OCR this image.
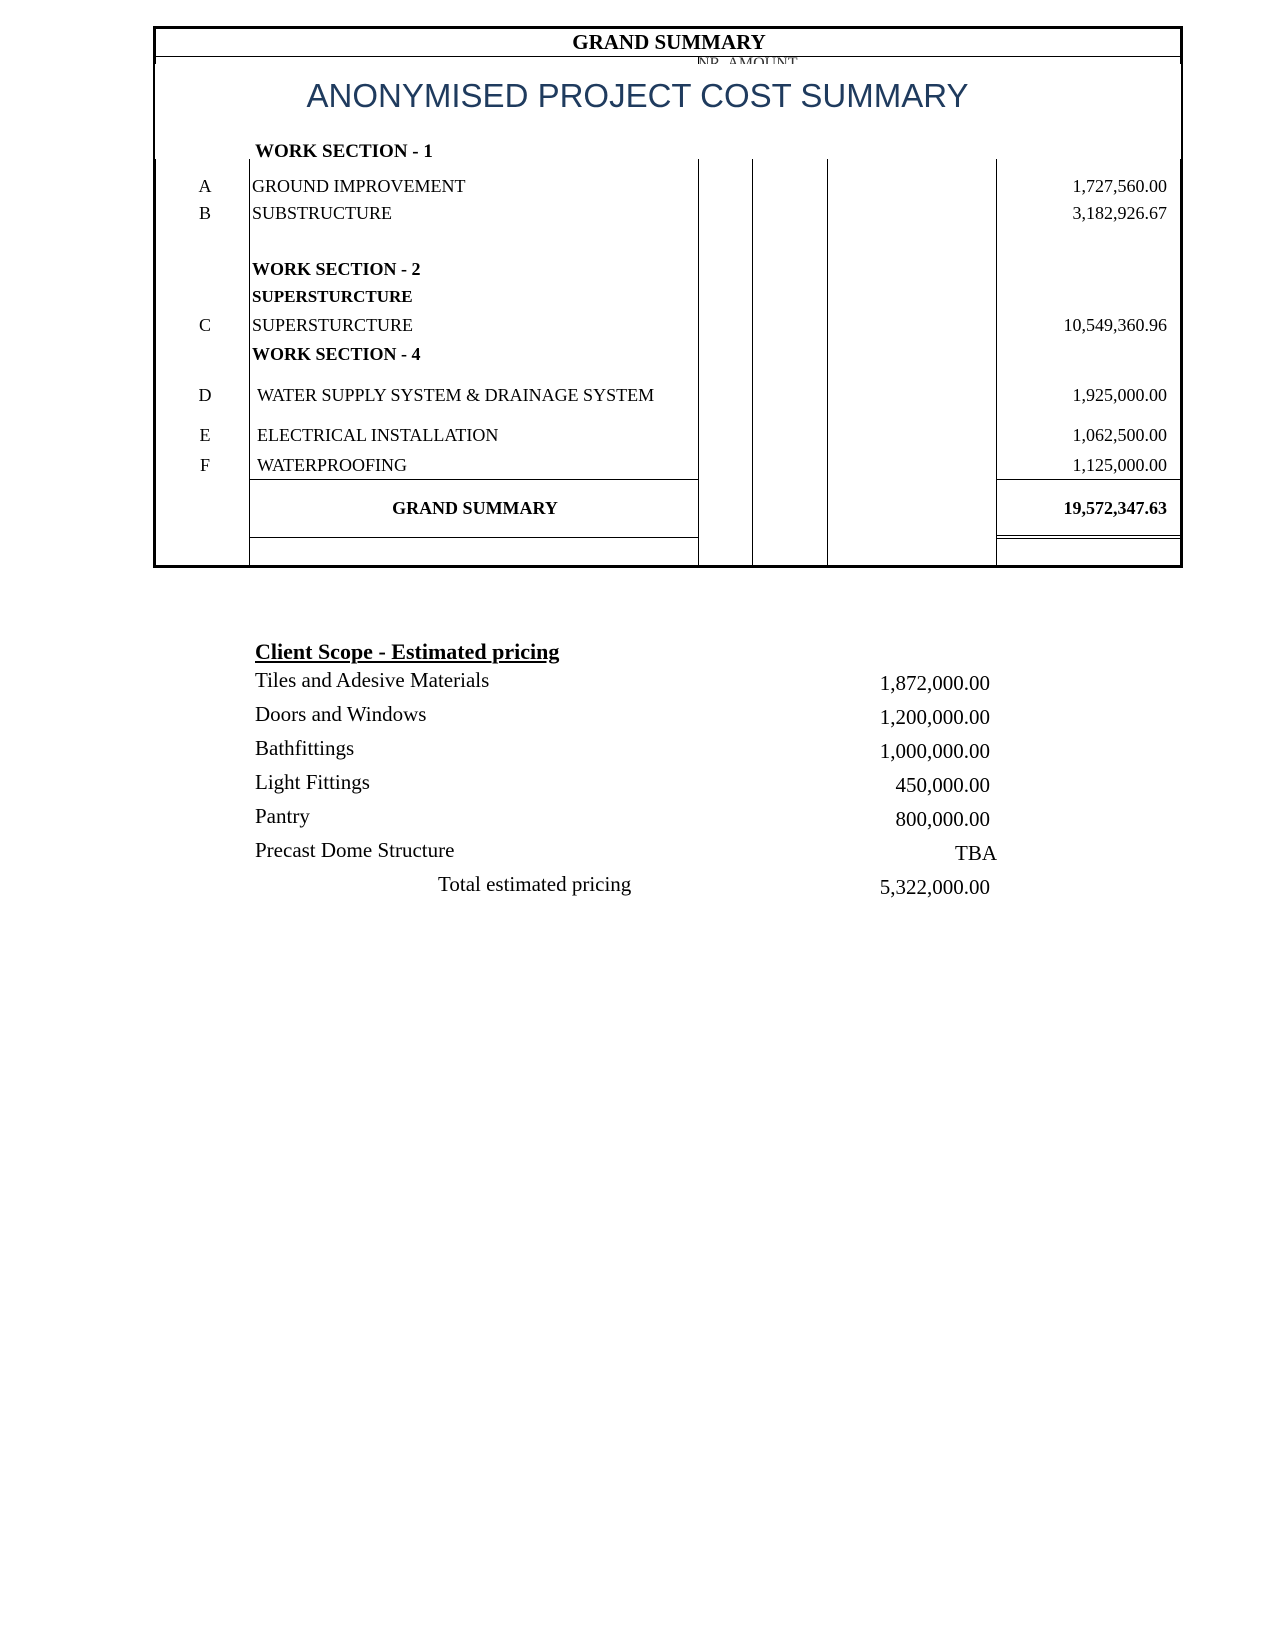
GRAND SUMMARY
ANONYMISED PROJECT COST SUMMARY
WORK SECTION - 1
A	GROUND IMPROVEMENT	1,727,560.00
B	SUBSTRUCTURE	3,182,926.67
WORK SECTION - 2
SUPERSTURCTURE
C	SUPERSTURCTURE	10,549,360.96
WORK SECTION - 4
D	WATER SUPPLY SYSTEM & DRAINAGE SYSTEM	1,925,000.00
E	ELECTRICAL INSTALLATION	1,062,500.00
F	WATERPROOFING	1,125,000.00
GRAND SUMMARY	19,572,347.63
Client Scope - Estimated pricing
Tiles and Adesive Materials	1,872,000.00
Doors and Windows	1,200,000.00
Bathfittings	1,000,000.00
Light Fittings	450,000.00
Pantry	800,000.00
Precast Dome Structure	TBA
Total estimated pricing	5,322,000.00
